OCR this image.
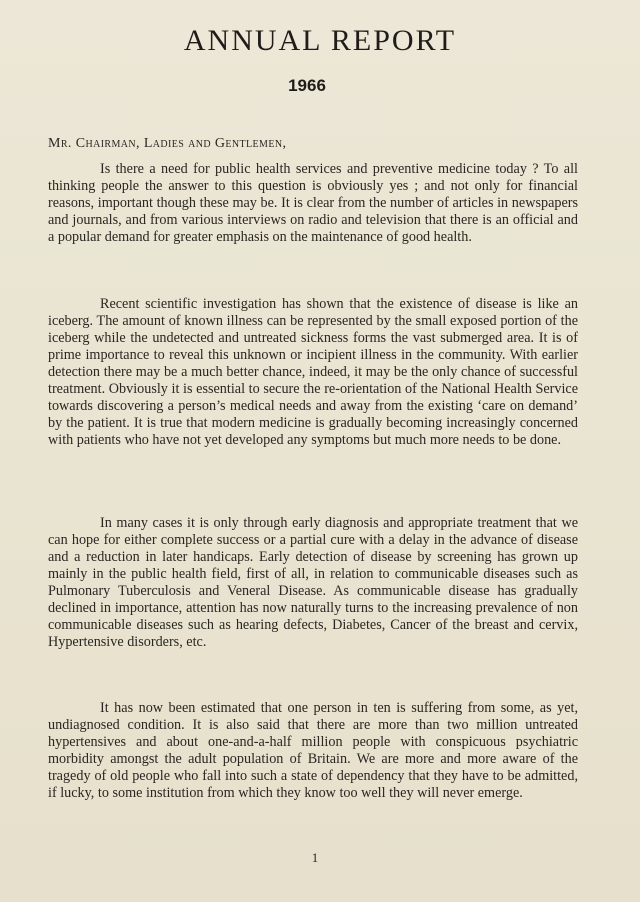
ANNUAL REPORT
1966
Mr. Chairman, Ladies and Gentlemen,

Is there a need for public health services and preventive medicine today ? To all thinking people the answer to this question is obviously yes ; and not only for financial reasons, important though these may be. It is clear from the number of articles in newspapers and journals, and from various interviews on radio and television that there is an official and a popular demand for greater emphasis on the maintenance of good health.

Recent scientific investigation has shown that the existence of disease is like an iceberg. The amount of known illness can be represented by the small exposed portion of the iceberg while the undetected and untreated sickness forms the vast submerged area. It is of prime importance to reveal this unknown or incipient illness in the community. With earlier detection there may be a much better chance, indeed, it may be the only chance of successful treatment. Obviously it is essential to secure the re-orientation of the National Health Service towards discovering a person’s medical needs and away from the existing ‘care on demand’ by the patient. It is true that modern medicine is gradually becoming increasingly concerned with patients who have not yet developed any symptoms but much more needs to be done.

In many cases it is only through early diagnosis and appropriate treatment that we can hope for either complete success or a partial cure with a delay in the advance of disease and a reduction in later handicaps. Early detection of disease by screening has grown up mainly in the public health field, first of all, in relation to communicable diseases such as Pulmonary Tuberculosis and Veneral Disease. As communicable disease has gradually declined in importance, attention has now naturally turns to the increasing prevalence of non communicable diseases such as hearing defects, Diabetes, Cancer of the breast and cervix, Hypertensive disorders, etc.

It has now been estimated that one person in ten is suffering from some, as yet, undiagnosed condition. It is also said that there are more than two million untreated hypertensives and about one-and-a-half million people with conspicuous psychiatric morbidity amongst the adult population of Britain. We are more and more aware of the tragedy of old people who fall into such a state of dependency that they have to be admitted, if lucky, to some institution from which they know too well they will never emerge.

1
